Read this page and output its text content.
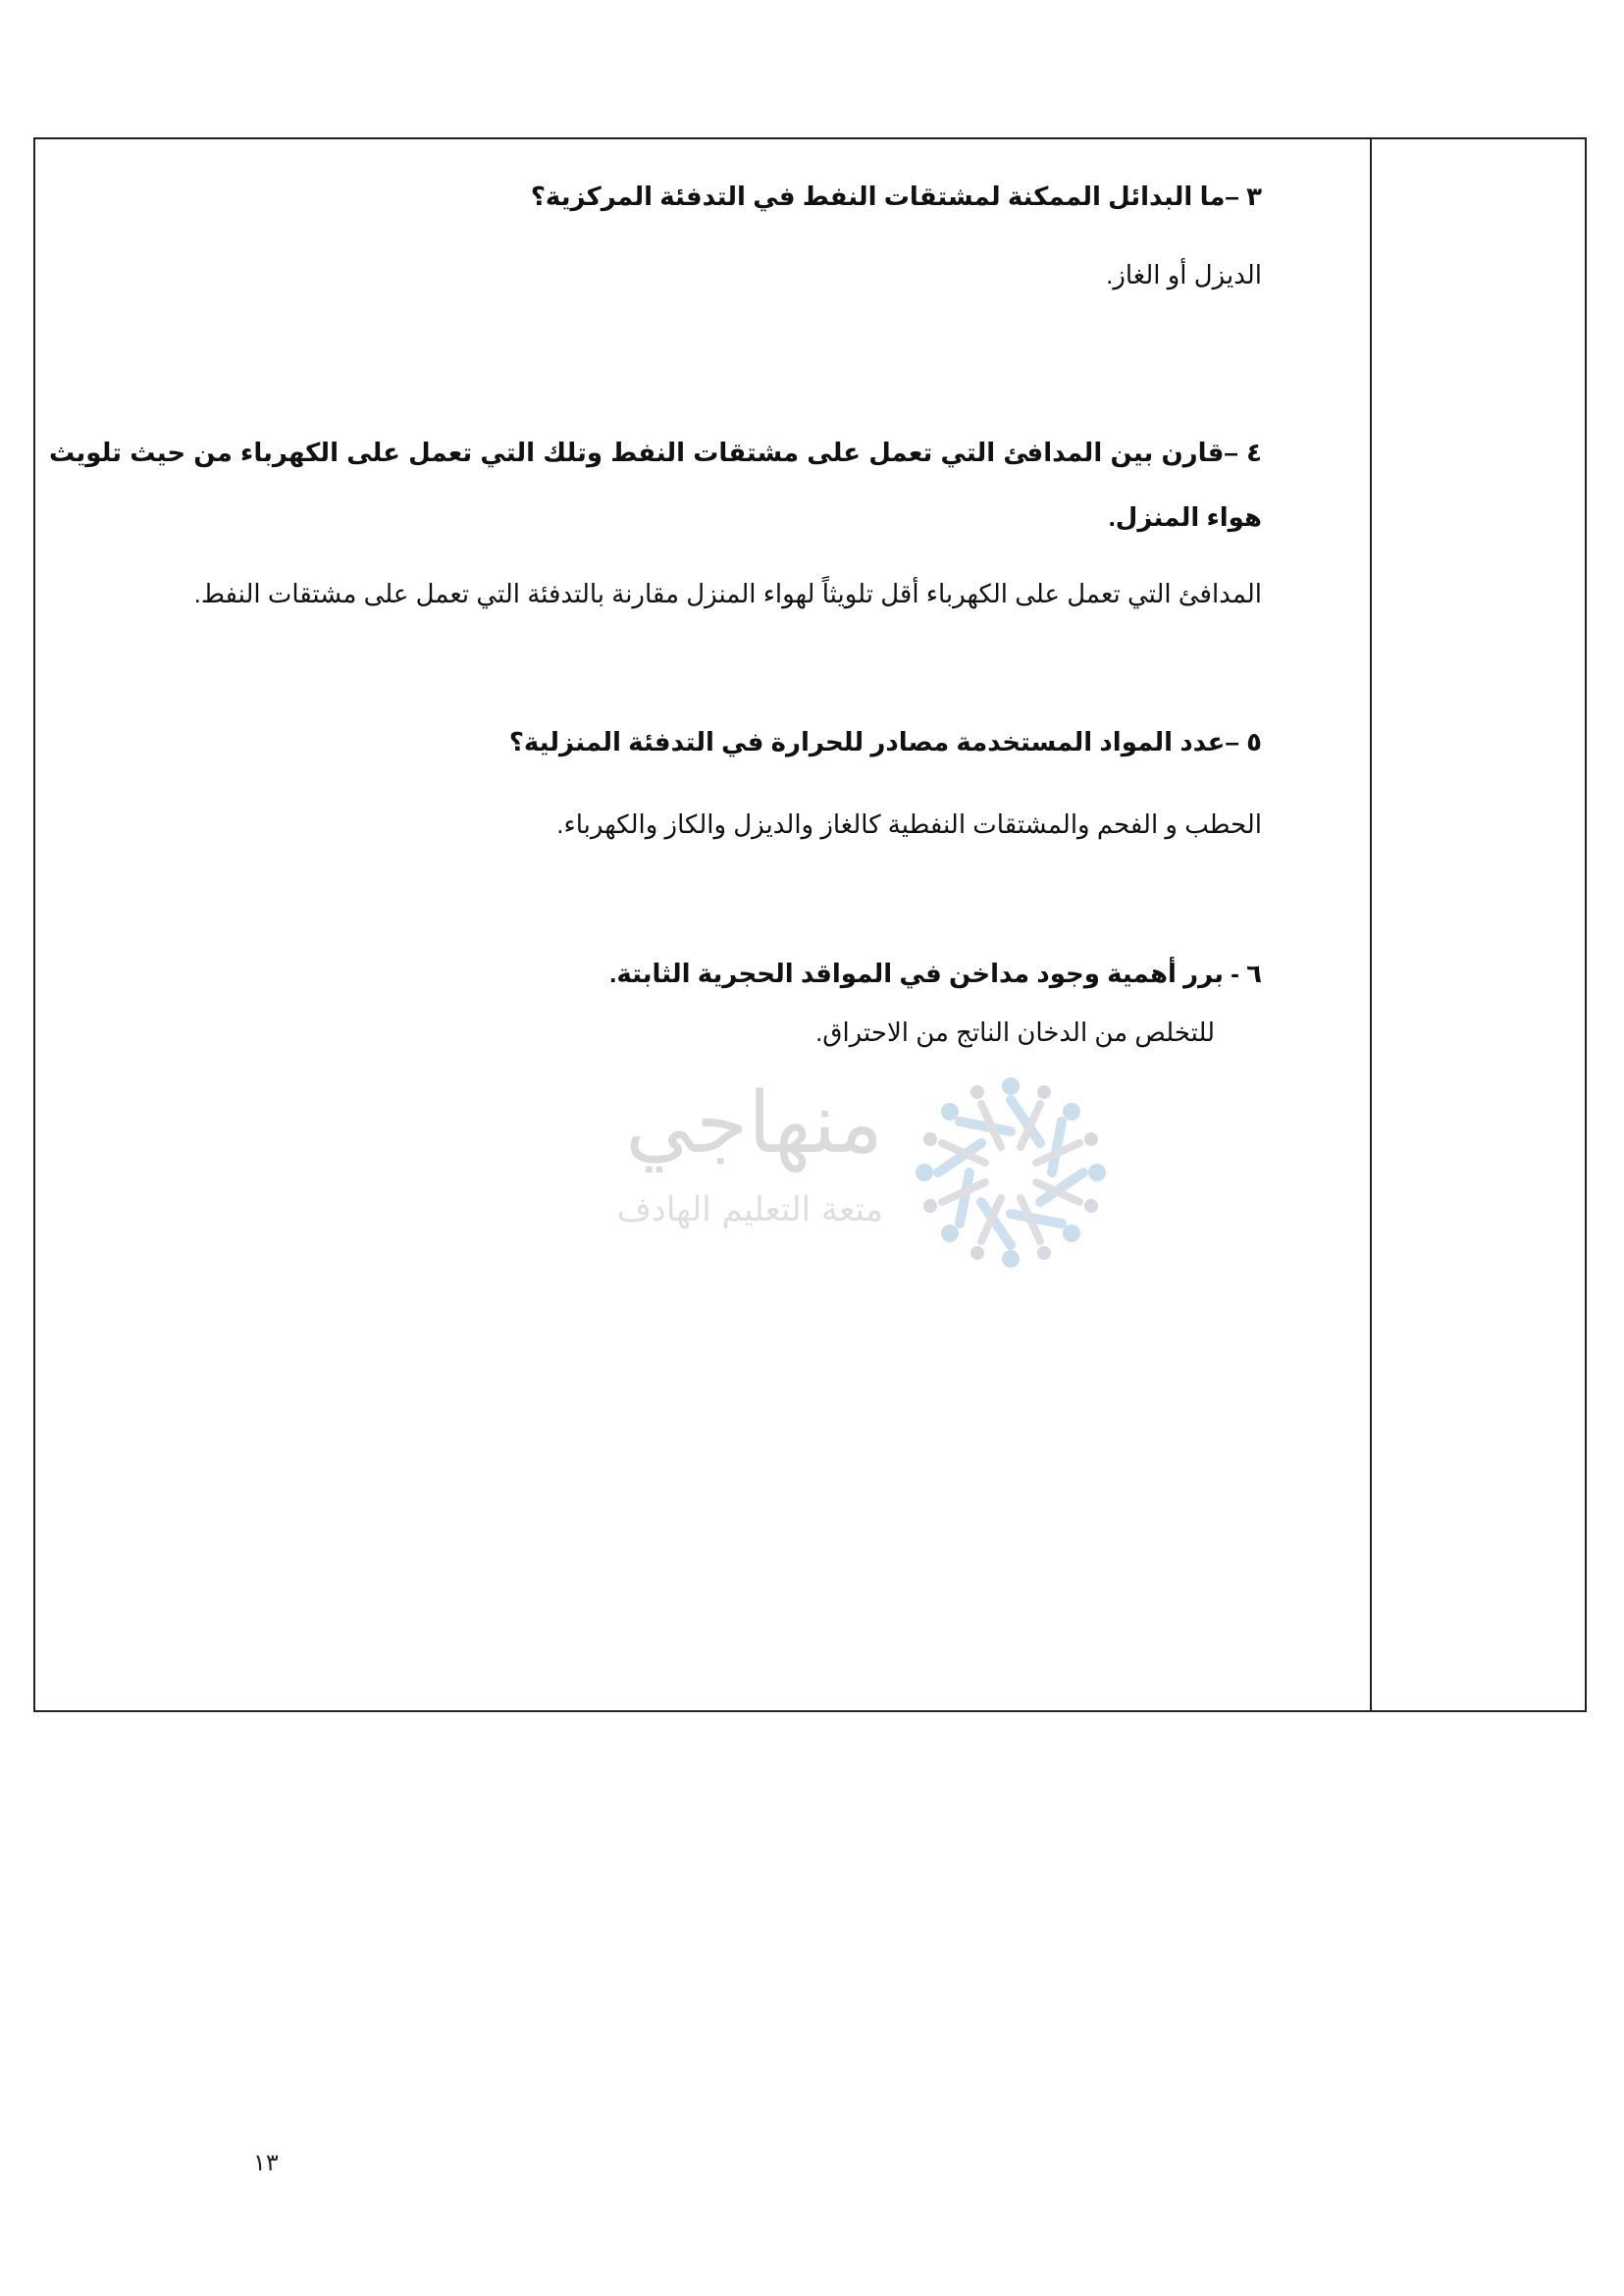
٣ –ما البدائل الممكنة لمشتقات النفط في التدفئة المركزية؟

الديزل أو الغاز.

٤ –قارن بين المدافئ التي تعمل على مشتقات النفط وتلك التي تعمل على الكهرباء من حيث تلويث هواء المنزل.

المدافئ التي تعمل على الكهرباء أقل تلويثاً لهواء المنزل مقارنة بالتدفئة التي تعمل على مشتقات النفط.

٥ –عدد المواد المستخدمة مصادر للحرارة في التدفئة المنزلية؟

الحطب و الفحم والمشتقات النفطية كالغاز والديزل والكاز والكهرباء.

٦ - برر أهمية وجود مداخن في المواقد الحجرية الثابتة.

للتخلص من الدخان الناتج من الاحتراق.

منهاجي
متعة التعليم الهادف
١٣
